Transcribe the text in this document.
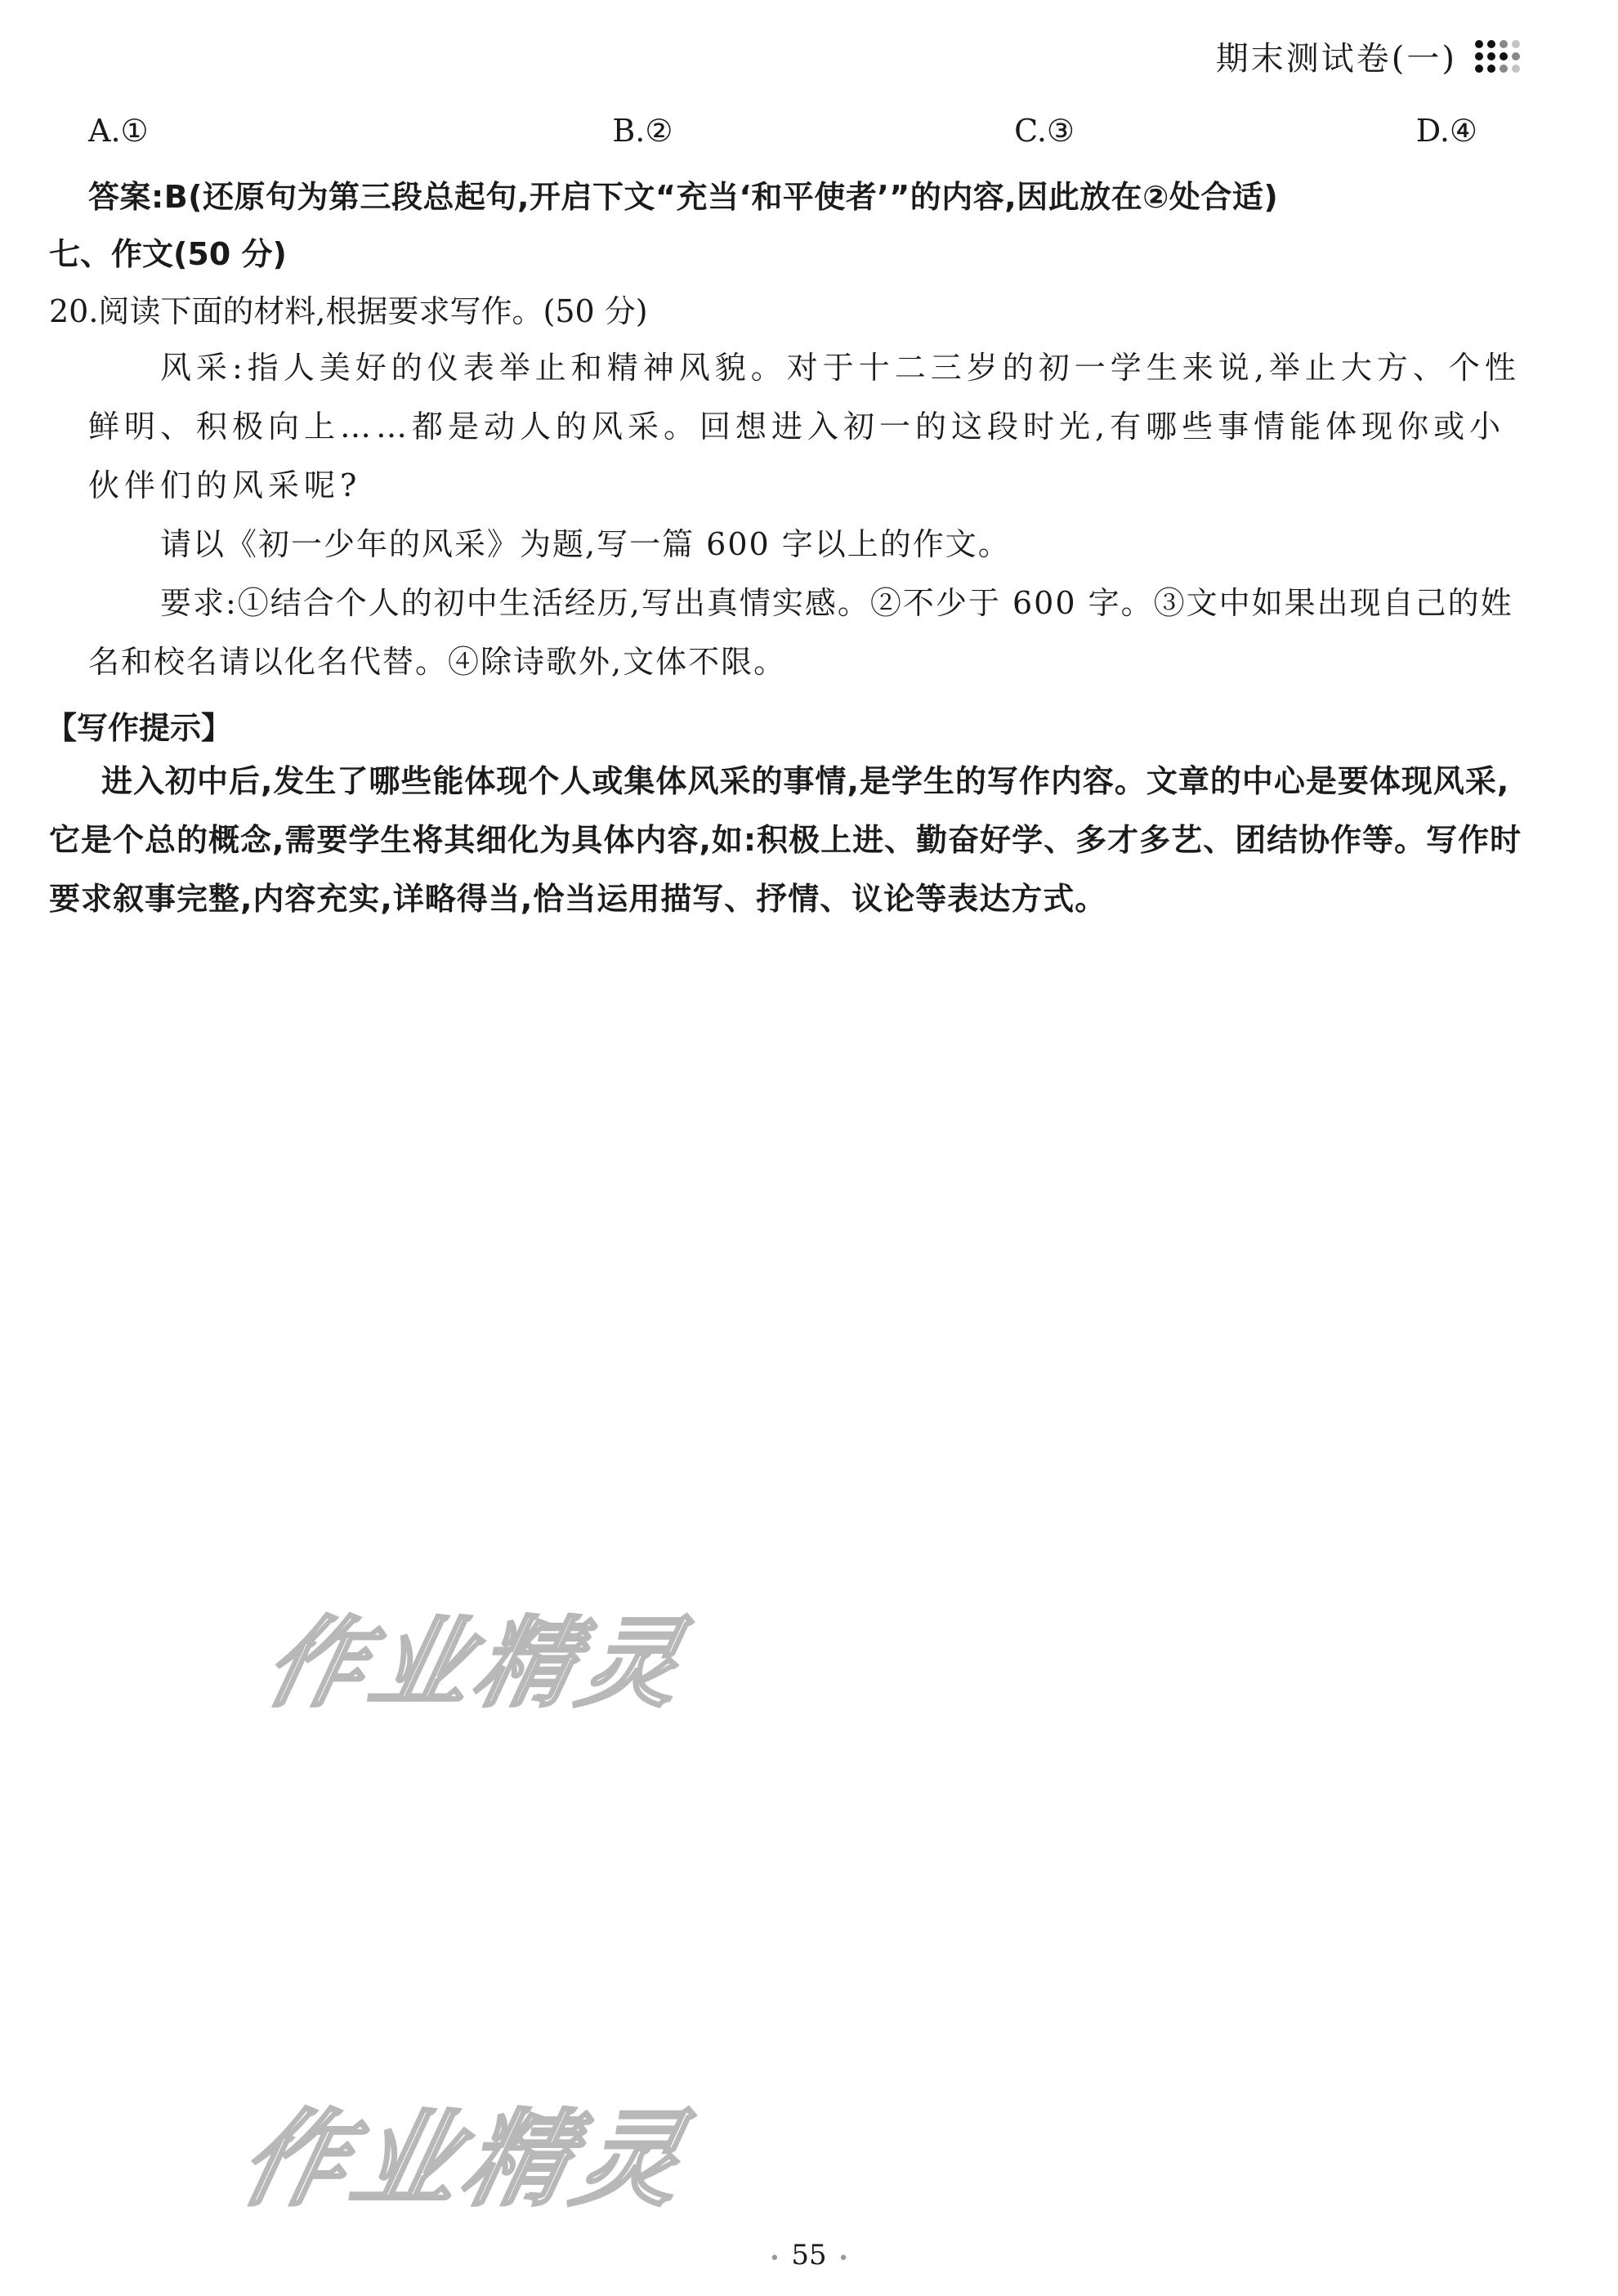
期末测试卷(一)
A.①	B.②	C.③	D.④
答案:B(还原句为第三段总起句,开启下文“充当‘和平使者’”的内容,因此放在②处合适)
七、作文(50 分)
20.阅读下面的材料,根据要求写作。(50 分)

风采:指人美好的仪表举止和精神风貌。对于十二三岁的初一学生来说,举止大方、个性鲜明、积极向上……都是动人的风采。回想进入初一的这段时光,有哪些事情能体现你或小伙伴们的风采呢?

请以《初一少年的风采》为题,写一篇 600 字以上的作文。

要求:①结合个人的初中生活经历,写出真情实感。②不少于 600 字。③文中如果出现自己的姓名和校名请以化名代替。④除诗歌外,文体不限。

【写作提示】

进入初中后,发生了哪些能体现个人或集体风采的事情,是学生的写作内容。文章的中心是要体现风采,它是个总的概念,需要学生将其细化为具体内容,如:积极上进、勤奋好学、多才多艺、团结协作等。写作时要求叙事完整,内容充实,详略得当,恰当运用描写、抒情、议论等表达方式。

作业精灵
作业精灵
• 55 •
